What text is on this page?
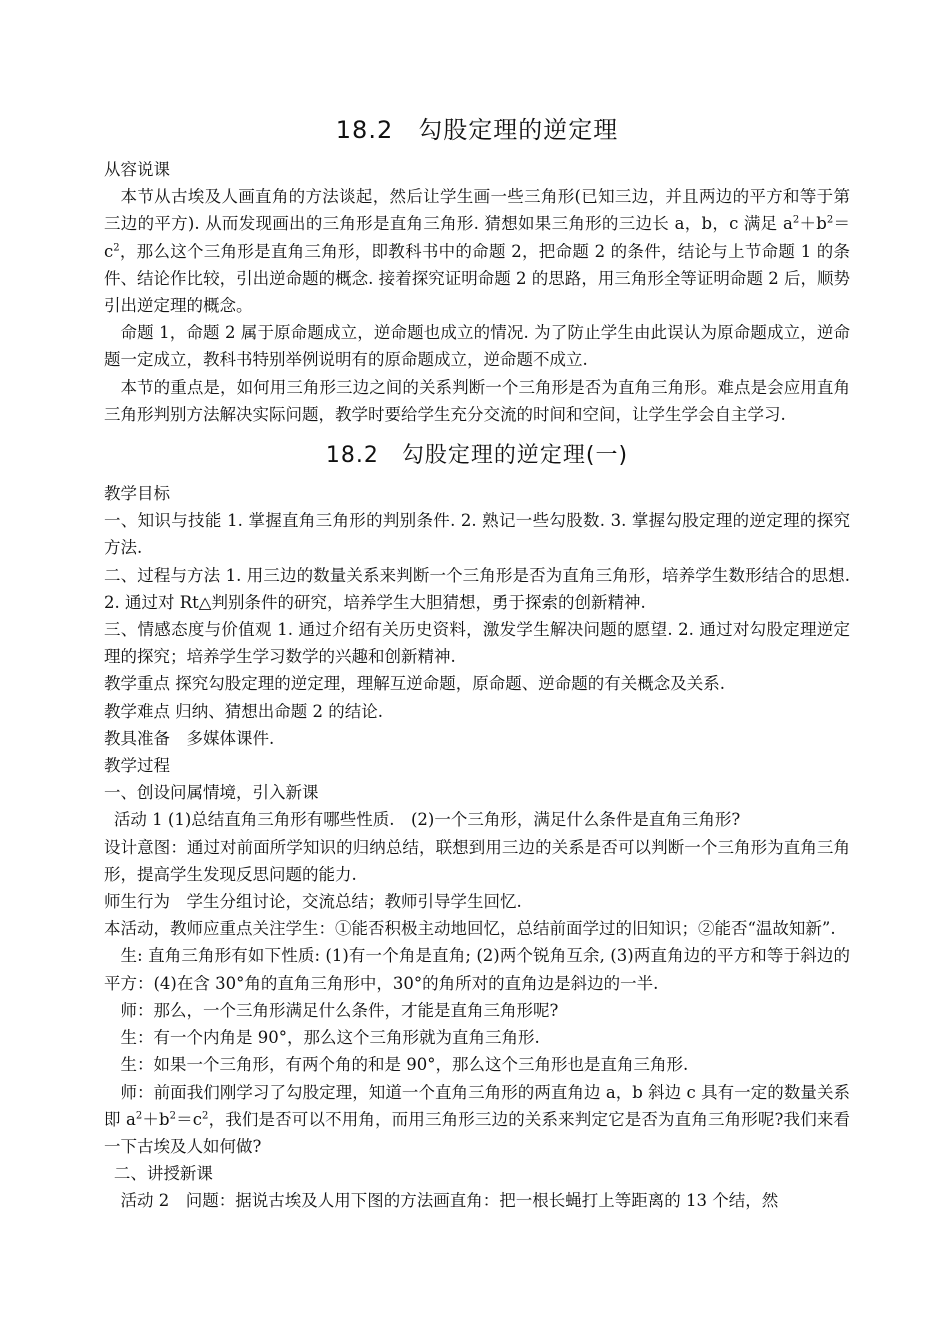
18.2　勾股定理的逆定理

从容说课

本节从古埃及人画直角的方法谈起，然后让学生画一些三角形(已知三边，并且两边的平方和等于第三边的平方). 从而发现画出的三角形是直角三角形. 猜想如果三角形的三边长 a，b，c 满足 $a^2+b^2=c^2$，那么这个三角形是直角三角形，即教科书中的命题 2，把命题 2 的条件，结论与上节命题 1 的条件、结论作比较，引出逆命题的概念. 接着探究证明命题 2 的思路，用三角形全等证明命题 2 后，顺势引出逆定理的概念。

命题 1，命题 2 属于原命题成立，逆命题也成立的情况. 为了防止学生由此误认为原命题成立，逆命题一定成立，教科书特别举例说明有的原命题成立，逆命题不成立.

本节的重点是，如何用三角形三边之间的关系判断一个三角形是否为直角三角形。难点是会应用直角三角形判别方法解决实际问题，教学时要给学生充分交流的时间和空间，让学生学会自主学习.

18.2　勾股定理的逆定理(一)

教学目标

一、知识与技能 1. 掌握直角三角形的判别条件. 2. 熟记一些勾股数. 3. 掌握勾股定理的逆定理的探究方法.

二、过程与方法 1. 用三边的数量关系来判断一个三角形是否为直角三角形，培养学生数形结合的思想. 2. 通过对 Rt△判别条件的研究，培养学生大胆猜想，勇于探索的创新精神.

三、情感态度与价值观 1. 通过介绍有关历史资料，激发学生解决问题的愿望. 2. 通过对勾股定理逆定理的探究；培养学生学习数学的兴趣和创新精神.

教学重点 探究勾股定理的逆定理，理解互逆命题，原命题、逆命题的有关概念及关系.

教学难点 归纳、猜想出命题 2 的结论.

教具准备　多媒体课件.

教学过程

一、创设问属情境，引入新课

活动 1 (1)总结直角三角形有哪些性质.　(2)一个三角形，满足什么条件是直角三角形?

设计意图：通过对前面所学知识的归纳总结，联想到用三边的关系是否可以判断一个三角形为直角三角形，提高学生发现反思问题的能力.

师生行为　学生分组讨论，交流总结；教师引导学生回忆.

本活动，教师应重点关注学生：①能否积极主动地回忆，总结前面学过的旧知识；②能否“温故知新”.

生: 直角三角形有如下性质: (1)有一个角是直角; (2)两个锐角互余, (3)两直角边的平方和等于斜边的平方：(4)在含 30°角的直角三角形中，30°的角所对的直角边是斜边的一半.

师：那么，一个三角形满足什么条件，才能是直角三角形呢?

生：有一个内角是 90°，那么这个三角形就为直角三角形.

生：如果一个三角形，有两个角的和是 90°，那么这个三角形也是直角三角形.

师：前面我们刚学习了勾股定理，知道一个直角三角形的两直角边 a，b 斜边 c 具有一定的数量关系即 $a^2+b^2=c^2$，我们是否可以不用角，而用三角形三边的关系来判定它是否为直角三角形呢?我们来看一下古埃及人如何做?

二、讲授新课

活动 2　问题：据说古埃及人用下图的方法画直角：把一根长蝇打上等距离的 13 个结，然
